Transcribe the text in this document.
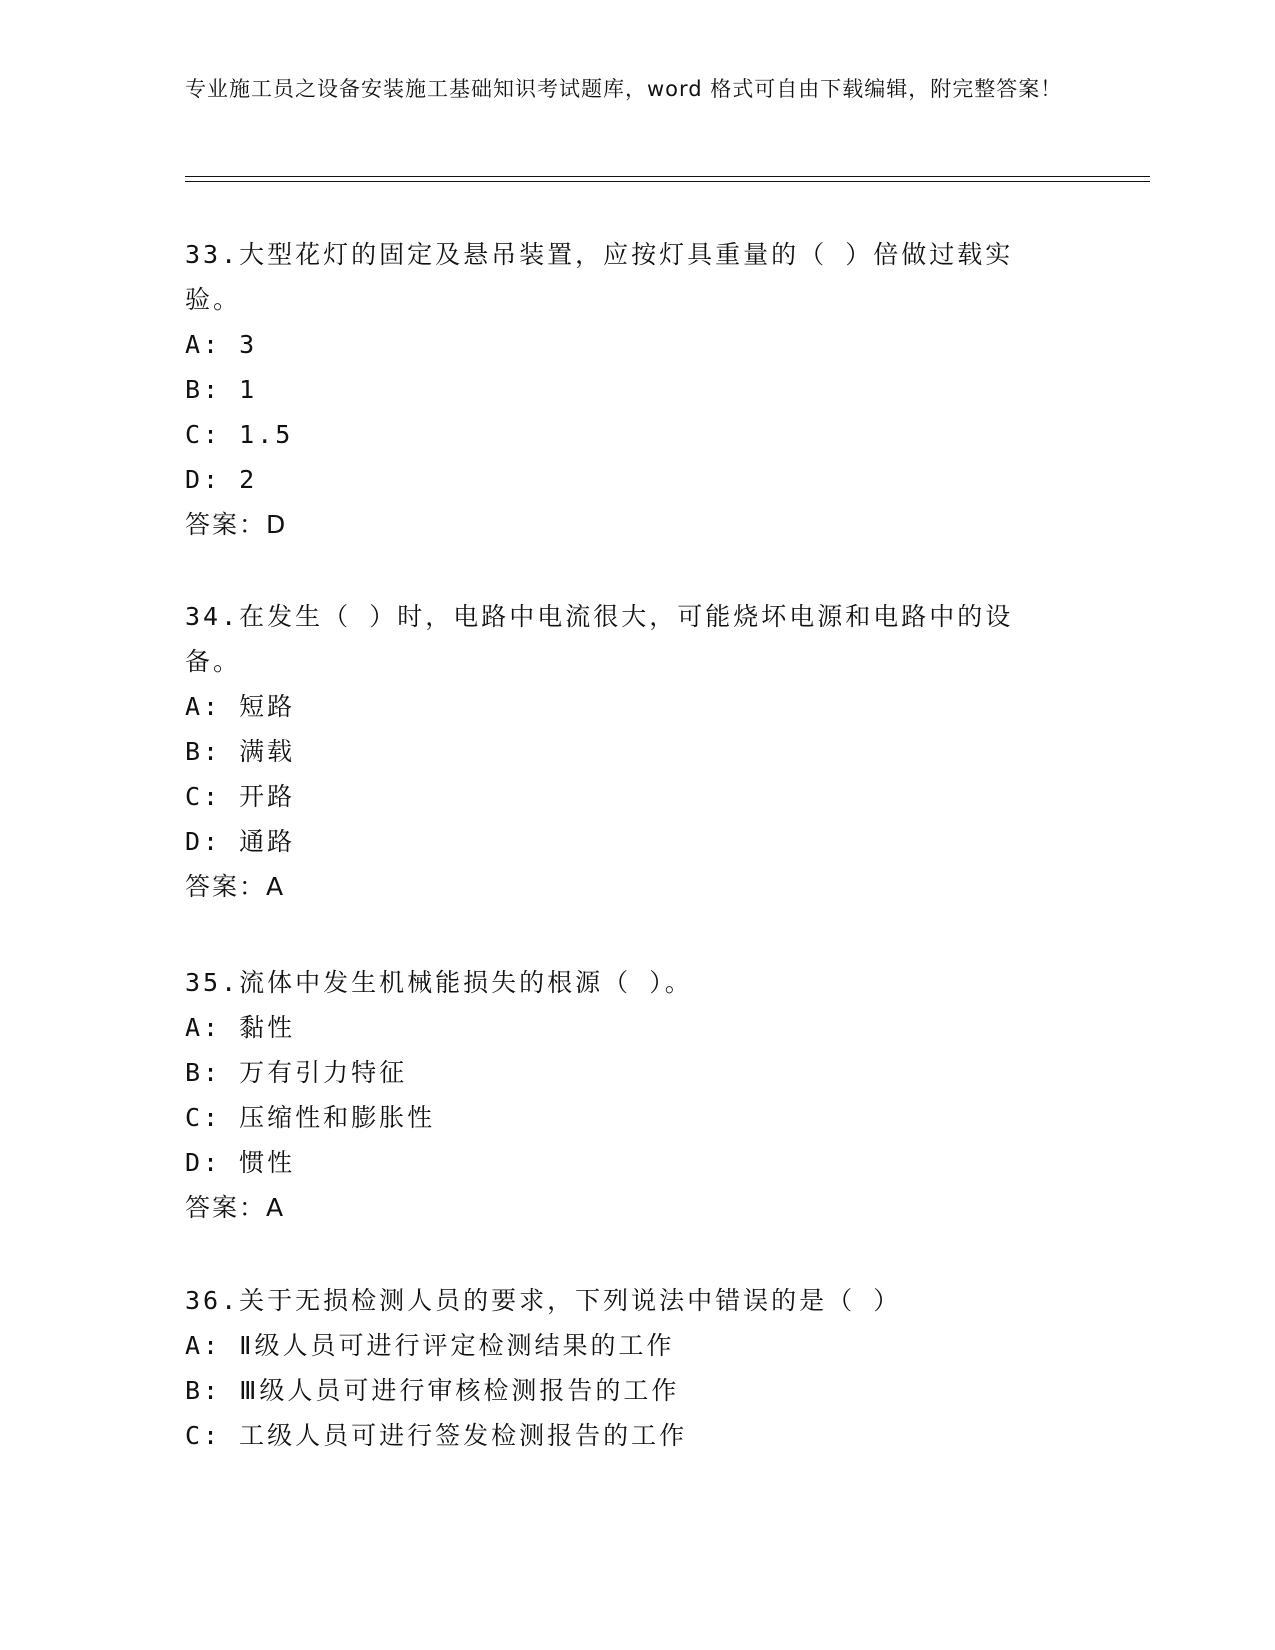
专业施工员之设备安装施工基础知识考试题库，word 格式可自由下载编辑，附完整答案！
33.大型花灯的固定及悬吊装置，应按灯具重量的（ ）倍做过载实验。
A: 3
B: 1
C: 1.5
D: 2
答案：D
34.在发生（ ）时，电路中电流很大，可能烧坏电源和电路中的设备。
A: 短路
B: 满载
C: 开路
D: 通路
答案：A
35.流体中发生机械能损失的根源（ ）。
A: 黏性
B: 万有引力特征
C: 压缩性和膨胀性
D: 惯性
答案：A
36.关于无损检测人员的要求，下列说法中错误的是（ ）
A: Ⅱ级人员可进行评定检测结果的工作
B: Ⅲ级人员可进行审核检测报告的工作
C: 工级人员可进行签发检测报告的工作
